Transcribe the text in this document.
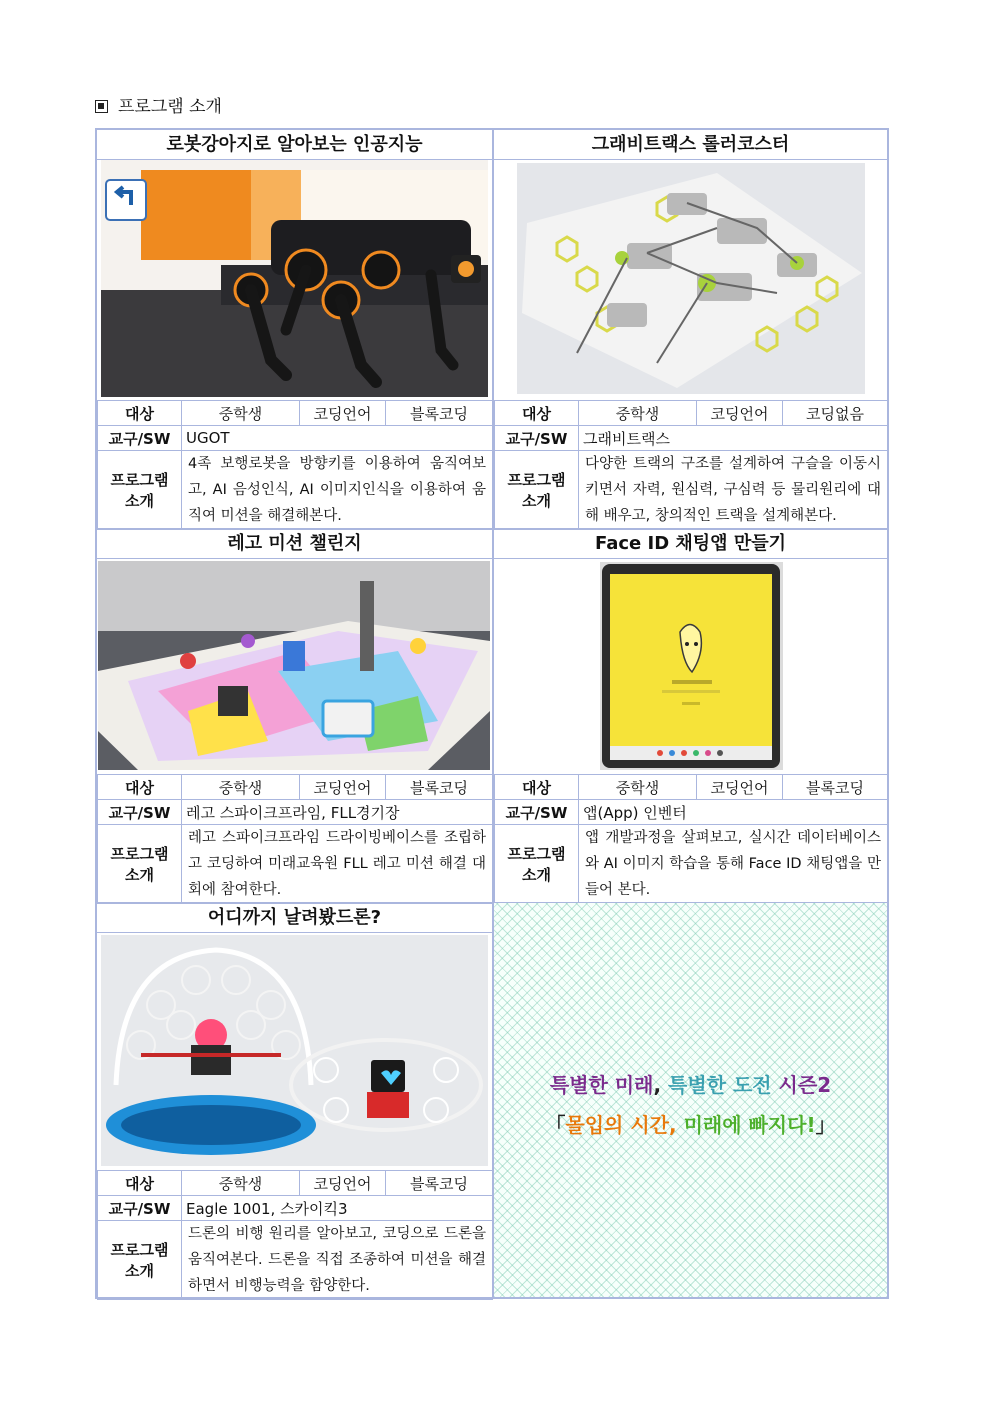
프로그램 소개
로봇강아지로 알아보는 인공지능
대상	중학생	코딩언어	블록코딩
교구/SW	UGOT		
프로그램 소개	4족 보행로봇을 방향키를 이용하여 움직여보고, AI 음성인식, AI 이미지인식을 이용하여 움직여 미션을 해결해본다.		
그래비트랙스 롤러코스터
대상	중학생	코딩언어	코딩없음
교구/SW	그래비트랙스		
프로그램 소개	다양한 트랙의 구조를 설계하여 구슬을 이동시키면서 자력, 원심력, 구심력 등 물리원리에 대해 배우고, 창의적인 트랙을 설계해본다.		
레고 미션 챌린지
대상	중학생	코딩언어	블록코딩
교구/SW	레고 스파이크프라임, FLL경기장		
프로그램 소개	레고 스파이크프라임 드라이빙베이스를 조립하고 코딩하여 미래교육원 FLL 레고 미션 해결 대회에 참여한다.		
Face ID 채팅앱 만들기
대상	중학생	코딩언어	블록코딩
교구/SW	앱(App) 인벤터		
프로그램 소개	앱 개발과정을 살펴보고, 실시간 데이터베이스와 AI 이미지 학습을 통해 Face ID 채팅앱을 만들어 본다.		
어디까지 날려봤드론?
대상	중학생	코딩언어	블록코딩
교구/SW	Eagle 1001, 스카이킥3		
프로그램 소개	드론의 비행 원리를 알아보고, 코딩으로 드론을 움직여본다. 드론을 직접 조종하여 미션을 해결하면서 비행능력을 함양한다.		
특별한 미래, 특별한 도전 시즌2
「몰입의 시간, 미래에 빠지다!」
